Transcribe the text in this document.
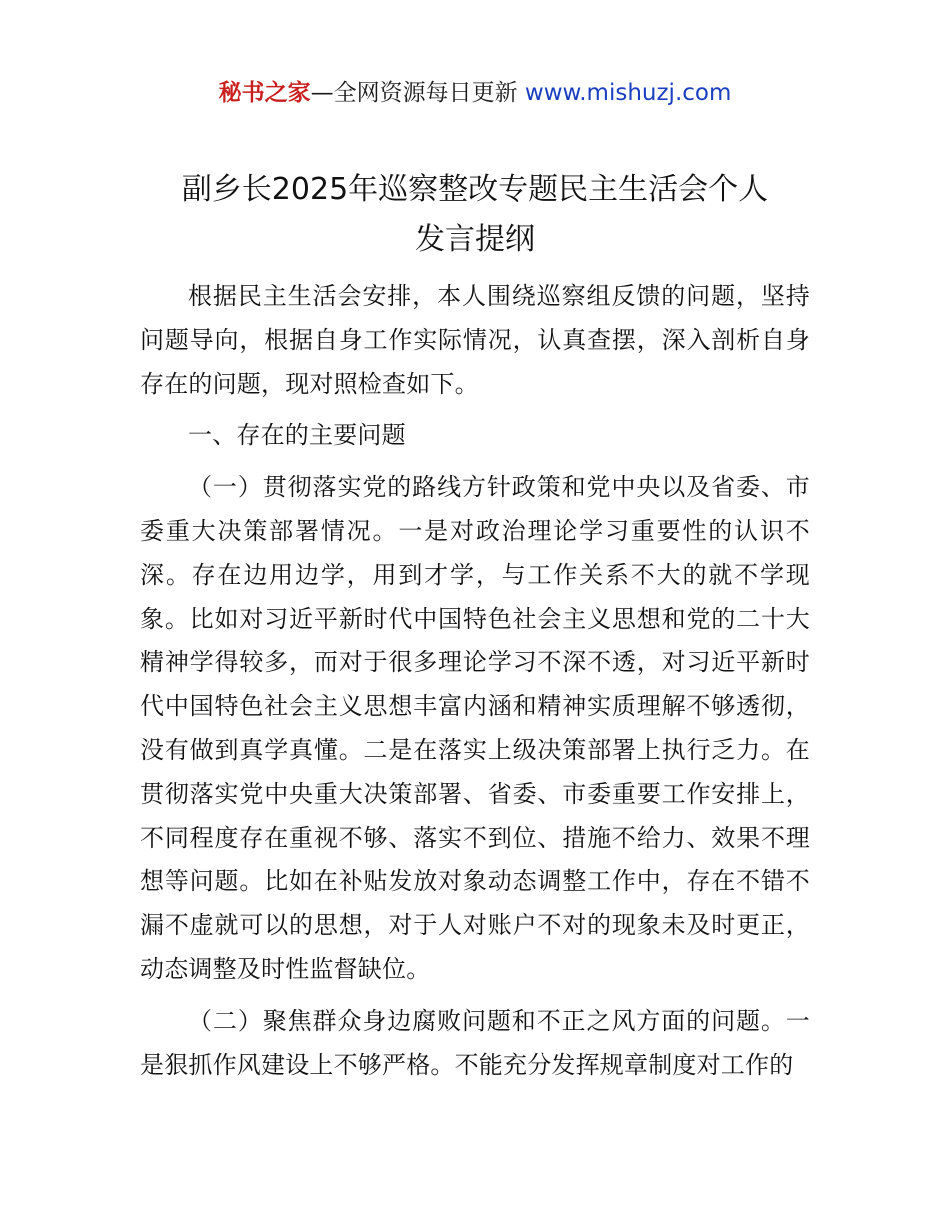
秘书之家—全网资源每日更新 www.mishuzj.com
副乡长2025年巡察整改专题民主生活会个人
发言提纲

根据民主生活会安排，本人围绕巡察组反馈的问题，坚持问题导向，根据自身工作实际情况，认真查摆，深入剖析自身存在的问题，现对照检查如下。

一、存在的主要问题

（一）贯彻落实党的路线方针政策和党中央以及省委、市委重大决策部署情况。一是对政治理论学习重要性的认识不深。存在边用边学，用到才学，与工作关系不大的就不学现象。比如对习近平新时代中国特色社会主义思想和党的二十大精神学得较多，而对于很多理论学习不深不透，对习近平新时代中国特色社会主义思想丰富内涵和精神实质理解不够透彻，没有做到真学真懂。二是在落实上级决策部署上执行乏力。在贯彻落实党中央重大决策部署、省委、市委重要工作安排上，不同程度存在重视不够、落实不到位、措施不给力、效果不理想等问题。比如在补贴发放对象动态调整工作中，存在不错不漏不虚就可以的思想，对于人对账户不对的现象未及时更正，动态调整及时性监督缺位。

（二）聚焦群众身边腐败问题和不正之风方面的问题。一是狠抓作风建设上不够严格。不能充分发挥规章制度对工作的
